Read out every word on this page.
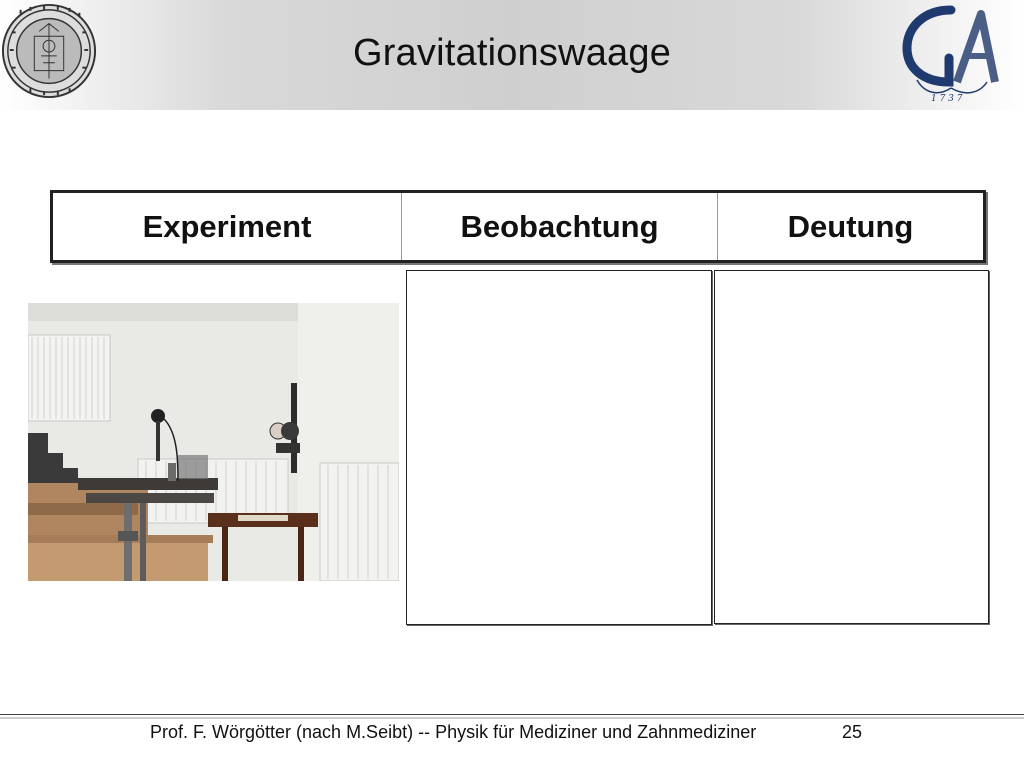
Gravitationswaage
1 7 3 7
Experiment	Beobachtung	Deutung
Prof. F. Wörgötter (nach M.Seibt) -- Physik für Mediziner und Zahnmediziner	25
